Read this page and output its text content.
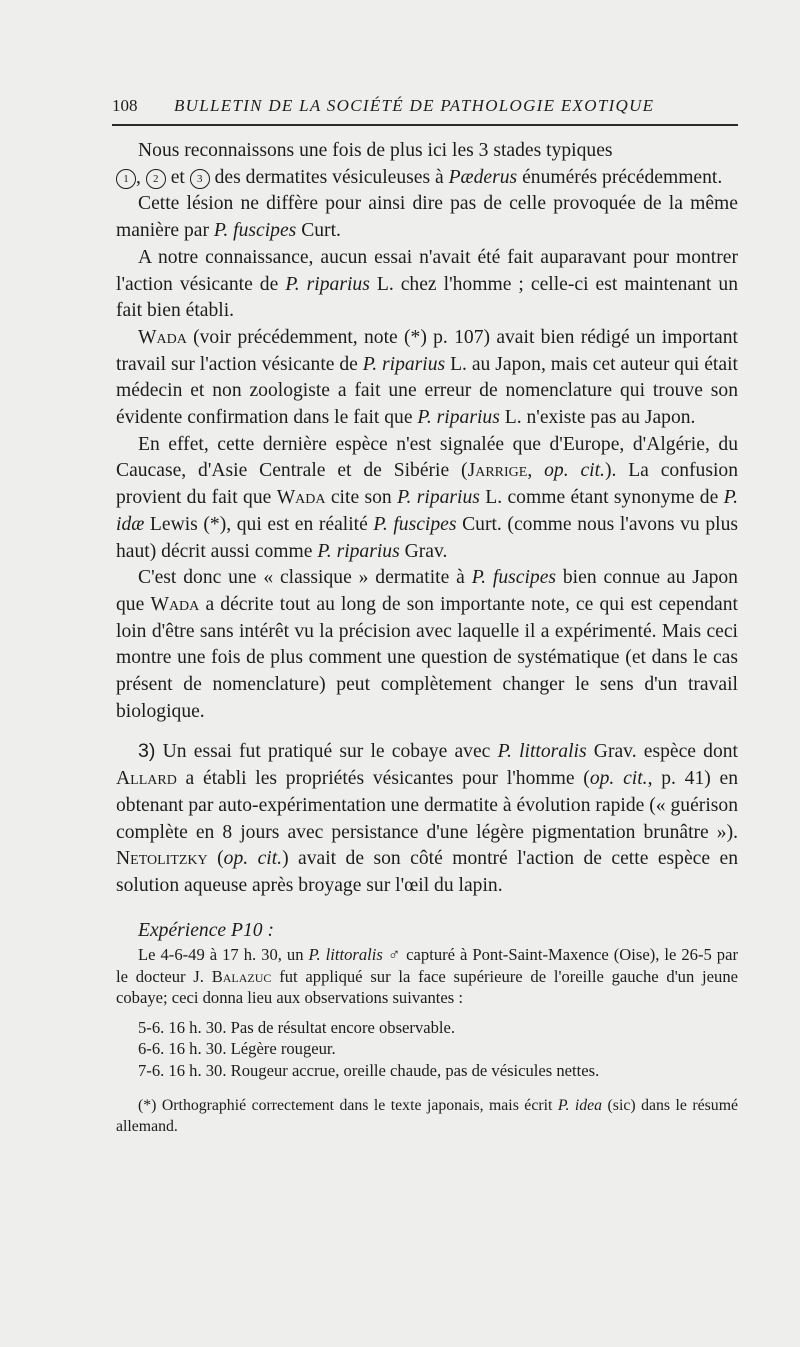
108 BULLETIN DE LA SOCIÉTÉ DE PATHOLOGIE EXOTIQUE

Nous reconnaissons une fois de plus ici les 3 stades typiques
1 , 2 et 3 des dermatites vésiculeuses à Pæderus énumérés précédemment.

Cette lésion ne diffère pour ainsi dire pas de celle provoquée de la même manière par P. fuscipes Curt.

A notre connaissance, aucun essai n'avait été fait auparavant pour montrer l'action vésicante de P. riparius L. chez l'homme ; celle-ci est maintenant un fait bien établi.

Wada (voir précédemment, note (*) p. 107) avait bien rédigé un important travail sur l'action vésicante de P. riparius L. au Japon, mais cet auteur qui était médecin et non zoologiste a fait une erreur de nomenclature qui trouve son évidente confirmation dans le fait que P. riparius L. n'existe pas au Japon.

En effet, cette dernière espèce n'est signalée que d'Europe, d'Algérie, du Caucase, d'Asie Centrale et de Sibérie (Jarrige, op. cit.). La confusion provient du fait que Wada cite son P. riparius L. comme étant synonyme de P. idæ Lewis (*), qui est en réalité P. fuscipes Curt. (comme nous l'avons vu plus haut) décrit aussi comme P. riparius Grav.

C'est donc une « classique » dermatite à P. fuscipes bien connue au Japon que Wada a décrite tout au long de son importante note, ce qui est cependant loin d'être sans intérêt vu la précision avec laquelle il a expérimenté. Mais ceci montre une fois de plus comment une question de systématique (et dans le cas présent de nomenclature) peut complètement changer le sens d'un travail biologique.

3) Un essai fut pratiqué sur le cobaye avec P. littoralis Grav. espèce dont Allard a établi les propriétés vésicantes pour l'homme (op. cit., p. 41) en obtenant par auto-expérimentation une dermatite à évolution rapide (« guérison complète en 8 jours avec persistance d'une légère pigmentation brunâtre »). Netolitzky (op. cit.) avait de son côté montré l'action de cette espèce en solution aqueuse après broyage sur l'œil du lapin.

Expérience P10 :

Le 4-6-49 à 17 h. 30, un P. littoralis ♂ capturé à Pont-Saint-Maxence (Oise), le 26-5 par le docteur J. Balazuc fut appliqué sur la face supérieure de l'oreille gauche d'un jeune cobaye; ceci donna lieu aux observations suivantes :

5-6. 16 h. 30. Pas de résultat encore observable.

6-6. 16 h. 30. Légère rougeur.

7-6. 16 h. 30. Rougeur accrue, oreille chaude, pas de vésicules nettes.

(*) Orthographié correctement dans le texte japonais, mais écrit P. idea (sic) dans le résumé allemand.
